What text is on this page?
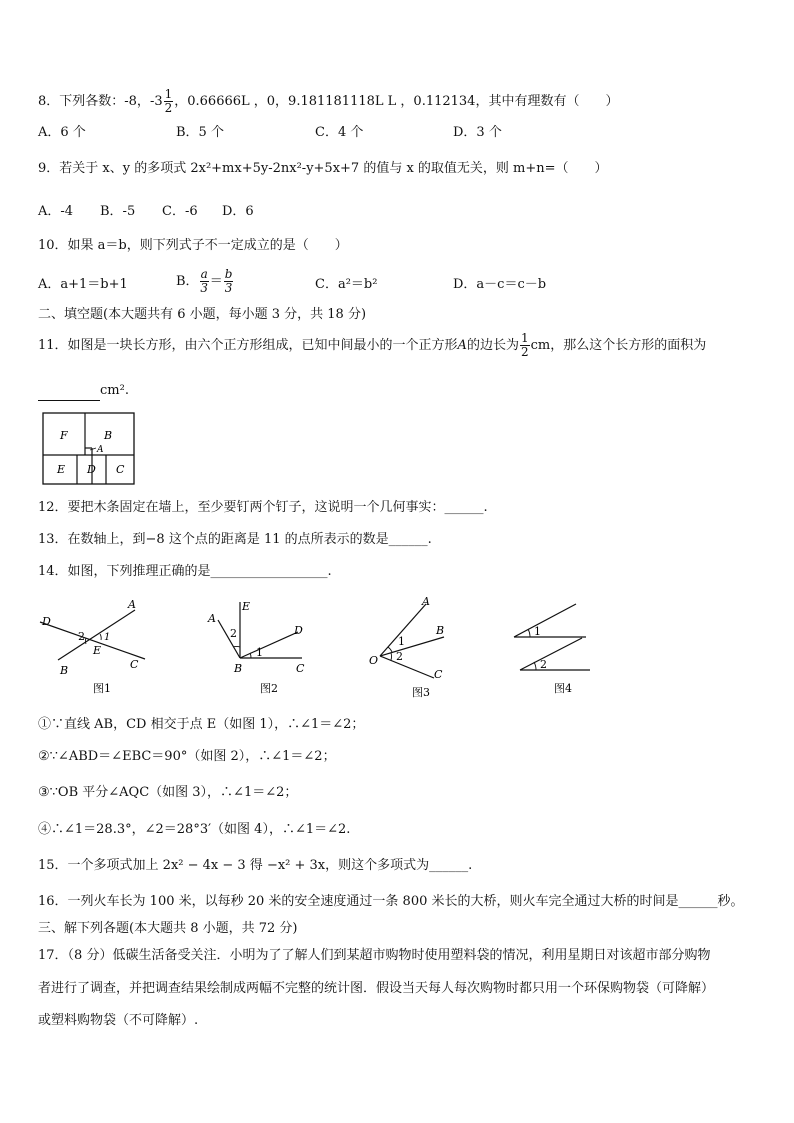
8．下列各数：-8，$-3 \frac{1}{2}$ ，0.66666L ，0，9.181181118L L ，0.112134，其中有理数有（　　）
A．6 个	B．5 个	C．4 个	D．3 个
9．若关于 x、y 的多项式 2x²+mx+5y-2nx²-y+5x+7 的值与 x 的取值无关，则 m+n=（　　）
A．-4 B．-5 C．-6 D．6
10．如果 a＝b，则下列式子不一定成立的是（　　）
A．a+1＝b+1	B． $\frac{a}{3} = \frac{b}{3}$	C．a²＝b²	D．a－c＝c－b
二、填空题(本大题共有 6 小题，每小题 3 分，共 18 分)
11．如图是一块长方形，由六个正方形组成，已知中间最小的一个正方形A的边长为 $\frac{1}{2}$ cm，那么这个长方形的面积为
cm².
F	B
A
E D C
12．要把木条固定在墙上，至少要钉两个钉子，这说明一个几何事实：______.
13．在数轴上，到−8 这个点的距离是 11 的点所表示的数是______.
14．如图，下列推理正确的是__________________.
A
D
2 1
E
B	C
图1
E
A
2	D
1
B	C
图2
A
1
B
O 2
C
图3
1
2
图4
①∵直线 AB，CD 相交于点 E（如图 1），∴∠1＝∠2；
②∵∠ABD＝∠EBC＝90°（如图 2），∴∠1＝∠2；
③∵OB 平分∠AQC（如图 3），∴∠1＝∠2；
④∴∠1＝28.3°，∠2＝28°3′（如图 4），∴∠1＝∠2.
15．一个多项式加上 2x² − 4x − 3 得 −x² + 3x，则这个多项式为______.
16．一列火车长为 100 米，以每秒 20 米的安全速度通过一条 800 米长的大桥，则火车完全通过大桥的时间是______秒。
三、解下列各题(本大题共 8 小题，共 72 分)
17．（8 分）低碳生活备受关注．小明为了了解人们到某超市购物时使用塑料袋的情况，利用星期日对该超市部分购物
者进行了调查，并把调查结果绘制成两幅不完整的统计图．假设当天每人每次购物时都只用一个环保购物袋（可降解）
或塑料购物袋（不可降解）.
